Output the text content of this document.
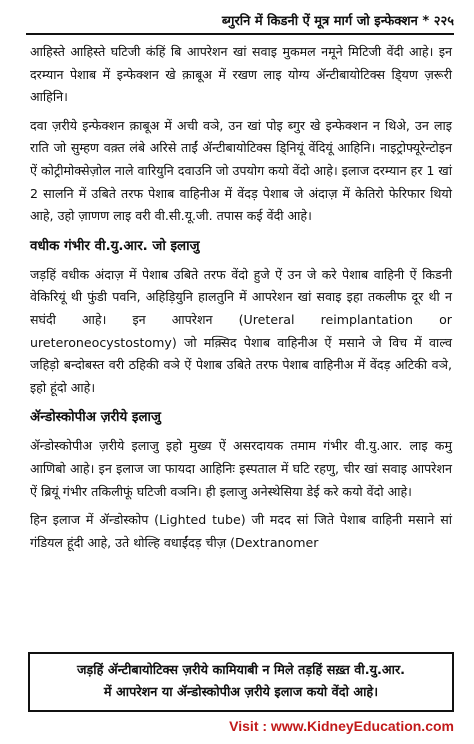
ब्गुरनि में किडनी ऐं मूत्र मार्ग जो इन्फेक्शन * २२५

आहिस्ते आहिस्ते घटिजी कंहिं बि आपरेशन खां सवाइ मुकमल नमूने मिटिजी वेंदी आहे। इन दरम्यान पेशाब में इन्फेक्शन खे क़ाबूअ में रखण लाइ योग्य ॲन्टीबायोटिक्स डि्यण ज़रूरी आहिनि।

दवा ज़रीये इन्फेक्शन क़ाबूअ में अची वञे, उन खां पोइ ब्गुर खे इन्फेक्शन न थिअे, उन लाइ राति जो सुम्हण वक़्त लंबे अरिसे ताईं ॲन्टीबायोटिक्स डि्नियूं वेंदियूं आहिनि। नाइट्रोफ्यूरेन्टोइन ऐं कोट्रीमोक्सेज़ोल नाले वारियुनि दवाउनि जो उपयोग कयो वेंदो आहे। इलाज दरम्यान हर 1 खां 2 सालनि में उबिते तरफ पेशाब वाहिनीअ में वेंदड़ पेशाब जे अंदाज़ में केतिरो फेरिफार थियो आहे, उहो ज़ाणण लाइ वरी वी.सी.यू.जी. तपास कई वेंदी आहे।

वधीक गंभीर वी.यु.आर. जो इलाजु

जड़हिं वधीक अंदाज़ में पेशाब उबिते तरफ वेंदो हुजे ऐं उन जे करे पेशाब वाहिनी ऐं किडनी वेकिरियूं थी फुंडी पवनि, अहिड़ियुनि हालतुनि में आपरेशन खां सवाइ इहा तकलीफ दूर थी न सघंदी आहे। इन आपरेशन (Ureteral reimplantation or ureteroneocystostomy) जो मक़्सिद पेशाब वाहिनीअ ऐं मसाने जे विच में वाल्व जहिड़ो बन्दोबस्त वरी ठहिकी वञे ऐं पेशाब उबिते तरफ पेशाब वाहिनीअ में वेंदड़ अटिकी वञे, इहो हूंदो आहे।

ॲन्डोस्कोपीअ ज़रीये इलाजु

ॲन्डोस्कोपीअ ज़रीये इलाजु इहो मुख्य ऐं असरदायक तमाम गंभीर वी.यु.आर. लाइ कमु आणिबो आहे। इन इलाज जा फायदा आहिनिः इस्पताल में घटि रहणु, चीर खां सवाइ आपरेशन ऐं ब्रियूं गंभीर तकिलीफूं घटिजी वञनि। ही इलाजु अनेस्थेसिया डेई करे कयो वेंदो आहे।

हिन इलाज में ॲन्डोस्कोप (Lighted tube) जी मदद सां जिते पेशाब वाहिनी मसाने सां गंडियल हूंदी आहे, उते थोल्हि वधाईंदड़ चीज़ (Dextranomer

जड़हिं ॲन्टीबायोटिक्स ज़रीये कामियाबी न मिले तड़हिं सख़्त वी.यु.आर.
में आपरेशन या ॲन्डोस्कोपीअ ज़रीये इलाज कयो वेंदो आहे।
Visit : www.KidneyEducation.com
